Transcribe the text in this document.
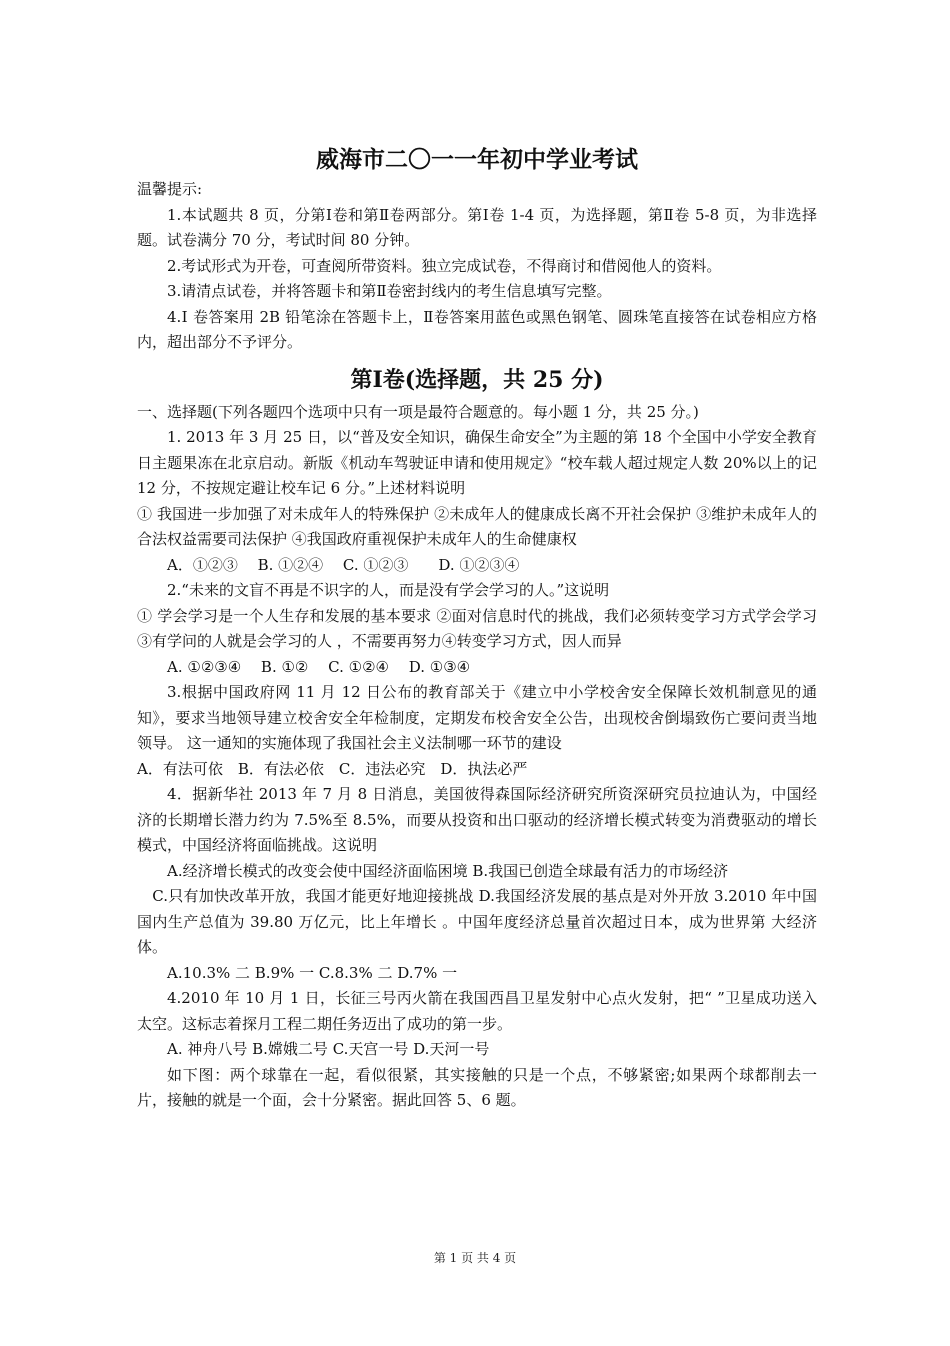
威海市二〇一一年初中学业考试

温馨提示:

1.本试题共 8 页，分第Ⅰ卷和第Ⅱ卷两部分。第Ⅰ卷 1-4 页，为选择题，第Ⅱ卷 5-8 页，为非选择题。试卷满分 70 分，考试时间 80 分钟。

2.考试形式为开卷，可查阅所带资料。独立完成试卷，不得商讨和借阅他人的资料。

3.请清点试卷，并将答题卡和第Ⅱ卷密封线内的考生信息填写完整。

4.Ⅰ 卷答案用 2B 铅笔涂在答题卡上，Ⅱ卷答案用蓝色或黑色钢笔、圆珠笔直接答在试卷相应方格内，超出部分不予评分。

第Ⅰ卷(选择题，共 25 分)

一、选择题(下列各题四个选项中只有一项是最符合题意的。每小题 1 分，共 25 分。)

1. 2013 年 3 月 25 日，以“普及安全知识，确保生命安全”为主题的第 18 个全国中小学安全教育日主题果冻在北京启动。新版《机动车驾驶证申请和使用规定》“校车载人超过规定人数 20%以上的记 12 分，不按规定避让校车记 6 分。”上述材料说明

① 我国进一步加强了对未成年人的特殊保护 ②未成年人的健康成长离不开社会保护 ③维护未成年人的合法权益需要司法保护 ④我国政府重视保护未成年人的生命健康权

A．①②③　 B. ①②④　 C. ①②③　　D. ①②③④

2.“未来的文盲不再是不识字的人，而是没有学会学习的人。”这说明

① 学会学习是一个人生存和发展的基本要求 ②面对信息时代的挑战，我们必须转变学习方式学会学习 ③有学问的人就是会学习的人 ，不需要再努力④转变学习方式，因人而异

A. ①②③④　 B. ①②　 C. ①②④　 D. ①③④

3.根据中国政府网 11 月 12 日公布的教育部关于《建立中小学校舍安全保障长效机制意见的通知》，要求当地领导建立校舍安全年检制度，定期发布校舍安全公告，出现校舍倒塌致伤亡要问责当地领导。 这一通知的实施体现了我国社会主义法制哪一环节的建设

A．有法可依　B．有法必依　C．违法必究　D．执法必严

4．据新华社 2013 年 7 月 8 日消息，美国彼得森国际经济研究所资深研究员拉迪认为，中国经济的长期增长潜力约为 7.5%至 8.5%，而要从投资和出口驱动的经济增长模式转变为消费驱动的增长模式，中国经济将面临挑战。这说明

A.经济增长模式的改变会使中国经济面临困境 B.我国已创造全球最有活力的市场经济

　C.只有加快改革开放，我国才能更好地迎接挑战 D.我国经济发展的基点是对外开放 3.2010 年中国国内生产总值为 39.80 万亿元，比上年增长 。中国年度经济总量首次超过日本，成为世界第 大经济体。

A.10.3% 二 B.9% 一 C.8.3% 二 D.7% 一

4.2010 年 10 月 1 日，长征三号丙火箭在我国西昌卫星发射中心点火发射，把“ ”卫星成功送入太空。这标志着探月工程二期任务迈出了成功的第一步。

A. 神舟八号 B.嫦娥二号 C.天宫一号 D.天河一号

如下图：两个球靠在一起，看似很紧，其实接触的只是一个点，不够紧密;如果两个球都削去一片，接触的就是一个面，会十分紧密。据此回答 5、6 题。

第 1 页 共 4 页
